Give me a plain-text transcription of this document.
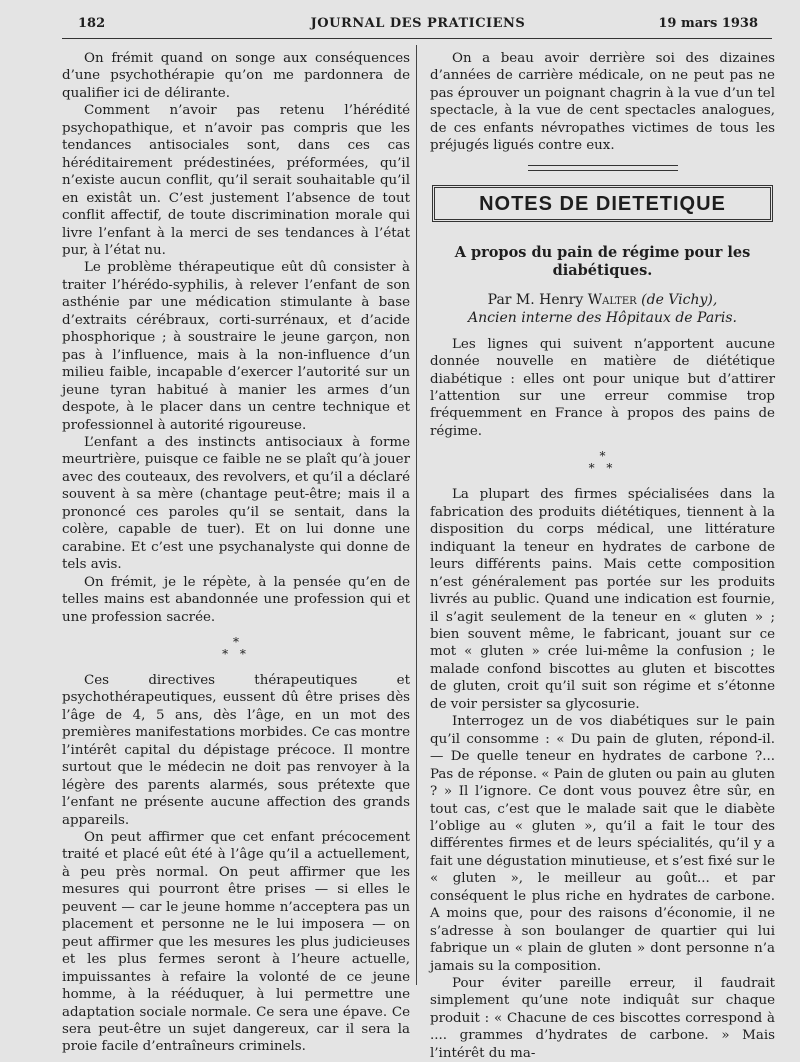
182	JOURNAL DES PRATICIENS	19 mars 1938

On frémit quand on songe aux conséquences d’une psychothérapie qu’on me pardonnera de qualifier ici de délirante.

Comment n’avoir pas retenu l’hérédité psychopathique, et n’avoir pas compris que les tendances antisociales sont, dans ces cas héréditairement prédestinées, préformées, qu’il n’existe aucun conflit, qu’il serait souhaitable qu’il en existât un. C’est justement l’absence de tout conflit affectif, de toute discrimination morale qui livre l’enfant à la merci de ses tendances à l’état pur, à l’état nu.

Le problème thérapeutique eût dû consister à traiter l’hérédo-syphilis, à relever l’enfant de son asthénie par une médication stimulante à base d’extraits cérébraux, corti-surrénaux, et d’acide phosphorique ; à soustraire le jeune garçon, non pas à l’influence, mais à la non-influence d’un milieu faible, incapable d’exercer l’autorité sur un jeune tyran habitué à manier les armes d’un despote, à le placer dans un centre technique et professionnel à autorité rigoureuse.

L’enfant a des instincts antisociaux à forme meurtrière, puisque ce faible ne se plaît qu’à jouer avec des couteaux, des revolvers, et qu’il a déclaré souvent à sa mère (chantage peut-être; mais il a prononcé ces paroles qu’il se sentait, dans la colère, capable de tuer). Et on lui donne une carabine. Et c’est une psychanalyste qui donne de tels avis.

On frémit, je le répète, à la pensée qu’en de telles mains est abandonnée une profession qui et une profession sacrée.

*
* *

Ces directives thérapeutiques et psychothérapeutiques, eussent dû être prises dès l’âge de 4, 5 ans, dès l’âge, en un mot des premières manifestations morbides. Ce cas montre l’intérêt capital du dépistage précoce. Il montre surtout que le médecin ne doit pas renvoyer à la légère des parents alarmés, sous prétexte que l’enfant ne présente aucune affection des grands appareils.

On peut affirmer que cet enfant précocement traité et placé eût été à l’âge qu’il a actuellement, à peu près normal. On peut affirmer que les mesures qui pourront être prises — si elles le peuvent — car le jeune homme n’acceptera pas un placement et personne ne le lui imposera — on peut affirmer que les mesures les plus judicieuses et les plus fermes seront à l’heure actuelle, impuissantes à refaire la volonté de ce jeune homme, à la rééduquer, à lui permettre une adaptation sociale normale. Ce sera une épave. Ce sera peut-être un sujet dangereux, car il sera la proie facile d’entraîneurs criminels.

On a beau avoir derrière soi des dizaines d’années de carrière médicale, on ne peut pas ne pas éprouver un poignant chagrin à la vue d’un tel spectacle, à la vue de cent spectacles analogues, de ces enfants névropathes victimes de tous les préjugés ligués contre eux.

NOTES DE DIETETIQUE
A propos du pain de régime pour les diabétiques.
Par M. Henry Walter (de Vichy),
Ancien interne des Hôpitaux de Paris.

Les lignes qui suivent n’apportent aucune donnée nouvelle en matière de diététique diabétique : elles ont pour unique but d’attirer l’attention sur une erreur commise trop fréquemment en France à propos des pains de régime.

*
* *

La plupart des firmes spécialisées dans la fabrication des produits diététiques, tiennent à la disposition du corps médical, une littérature indiquant la teneur en hydrates de carbone de leurs différents pains. Mais cette composition n’est généralement pas portée sur les produits livrés au public. Quand une indication est fournie, il s’agit seulement de la teneur en « gluten » ; bien souvent même, le fabricant, jouant sur ce mot « gluten » crée lui-même la confusion ; le malade confond biscottes au gluten et biscottes de gluten, croit qu’il suit son régime et s’étonne de voir persister sa glycosurie.

Interrogez un de vos diabétiques sur le pain qu’il consomme : « Du pain de gluten, répond-il. — De quelle teneur en hydrates de carbone ?... Pas de réponse. « Pain de gluten ou pain au gluten ? » Il l’ignore. Ce dont vous pouvez être sûr, en tout cas, c’est que le malade sait que le diabète l’oblige au « gluten », qu’il a fait le tour des différentes firmes et de leurs spécialités, qu’il y a fait une dégustation minutieuse, et s’est fixé sur le « gluten », le meilleur au goût... et par conséquent le plus riche en hydrates de carbone. A moins que, pour des raisons d’économie, il ne s’adresse à son boulanger de quartier qui lui fabrique un « plain de gluten » dont personne n’a jamais su la composition.

Pour éviter pareille erreur, il faudrait simplement qu’une note indiquât sur chaque produit : « Chacune de ces biscottes correspond à .... grammes d’hydrates de carbone. » Mais l’intérêt du ma-
